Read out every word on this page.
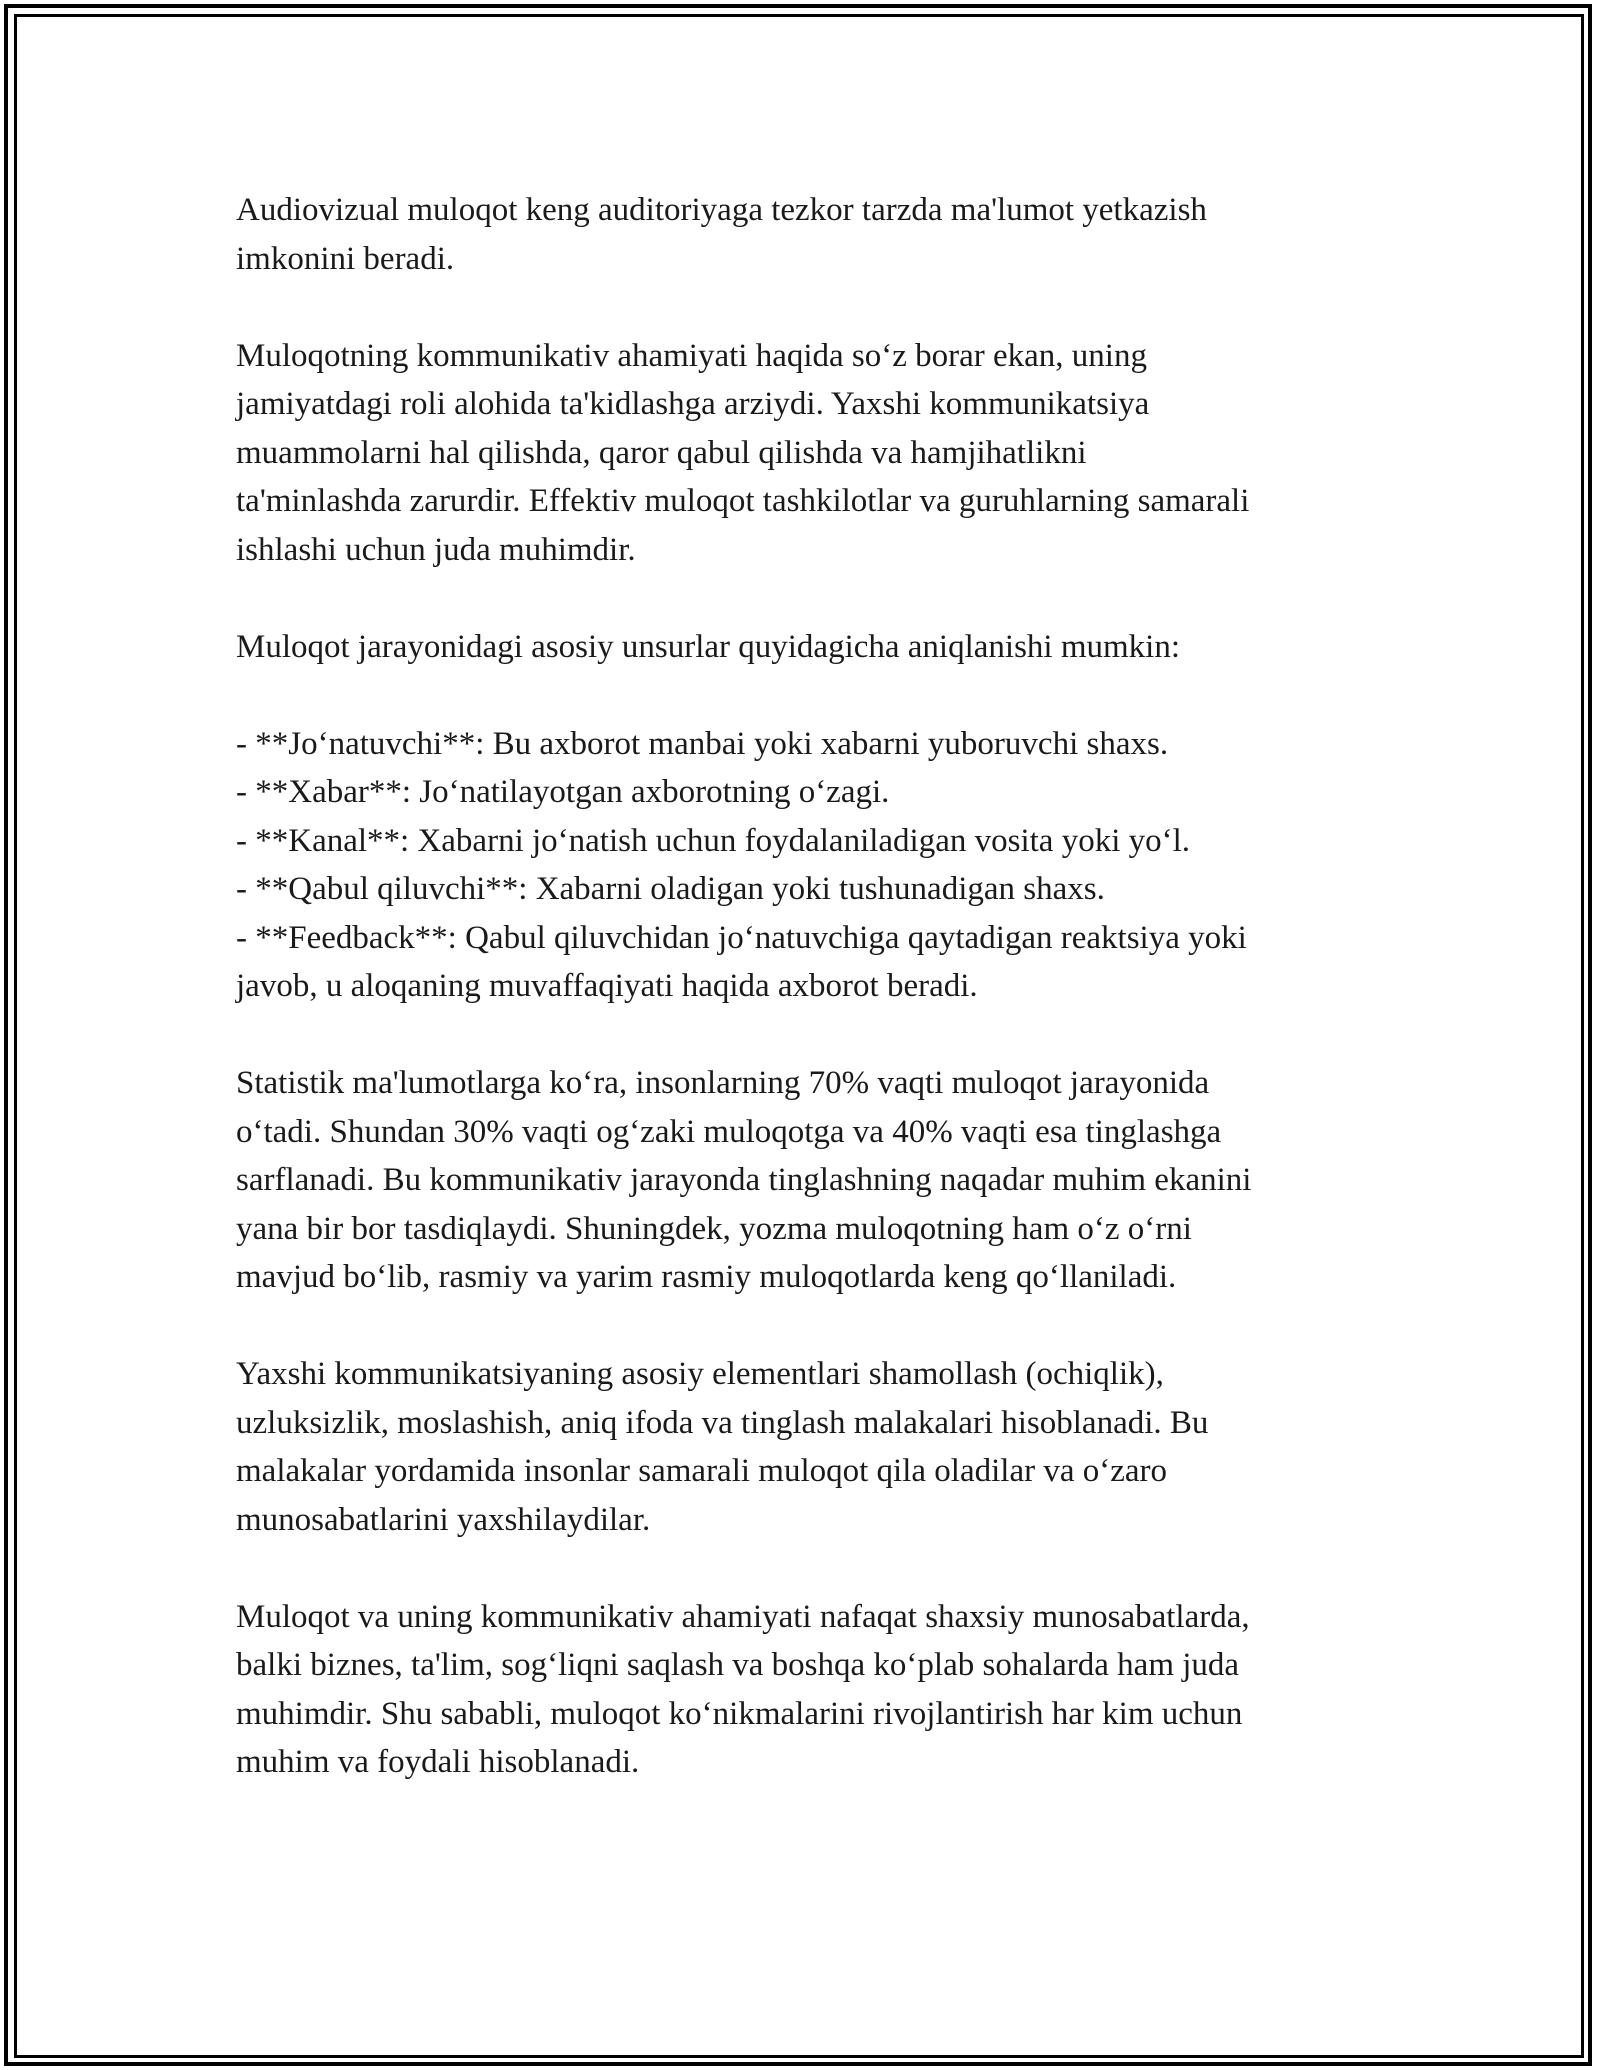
Audiovizual muloqot keng auditoriyaga tezkor tarzda ma'lumot yetkazish
imkonini beradi.

Muloqotning kommunikativ ahamiyati haqida so‘z borar ekan, uning
jamiyatdagi roli alohida ta'kidlashga arziydi. Yaxshi kommunikatsiya
muammolarni hal qilishda, qaror qabul qilishda va hamjihatlikni
ta'minlashda zarurdir. Effektiv muloqot tashkilotlar va guruhlarning samarali
ishlashi uchun juda muhimdir.

Muloqot jarayonidagi asosiy unsurlar quyidagicha aniqlanishi mumkin:

- **Jo‘natuvchi**: Bu axborot manbai yoki xabarni yuboruvchi shaxs.
- **Xabar**: Jo‘natilayotgan axborotning o‘zagi.
- **Kanal**: Xabarni jo‘natish uchun foydalaniladigan vosita yoki yo‘l.
- **Qabul qiluvchi**: Xabarni oladigan yoki tushunadigan shaxs.
- **Feedback**: Qabul qiluvchidan jo‘natuvchiga qaytadigan reaktsiya yoki
javob, u aloqaning muvaffaqiyati haqida axborot beradi.

Statistik ma'lumotlarga ko‘ra, insonlarning 70% vaqti muloqot jarayonida
o‘tadi. Shundan 30% vaqti og‘zaki muloqotga va 40% vaqti esa tinglashga
sarflanadi. Bu kommunikativ jarayonda tinglashning naqadar muhim ekanini
yana bir bor tasdiqlaydi. Shuningdek, yozma muloqotning ham o‘z o‘rni
mavjud bo‘lib, rasmiy va yarim rasmiy muloqotlarda keng qo‘llaniladi.

Yaxshi kommunikatsiyaning asosiy elementlari shamollash (ochiqlik),
uzluksizlik, moslashish, aniq ifoda va tinglash malakalari hisoblanadi. Bu
malakalar yordamida insonlar samarali muloqot qila oladilar va o‘zaro
munosabatlarini yaxshilaydilar.

Muloqot va uning kommunikativ ahamiyati nafaqat shaxsiy munosabatlarda,
balki biznes, ta'lim, sog‘liqni saqlash va boshqa ko‘plab sohalarda ham juda
muhimdir. Shu sababli, muloqot ko‘nikmalarini rivojlantirish har kim uchun
muhim va foydali hisoblanadi.
